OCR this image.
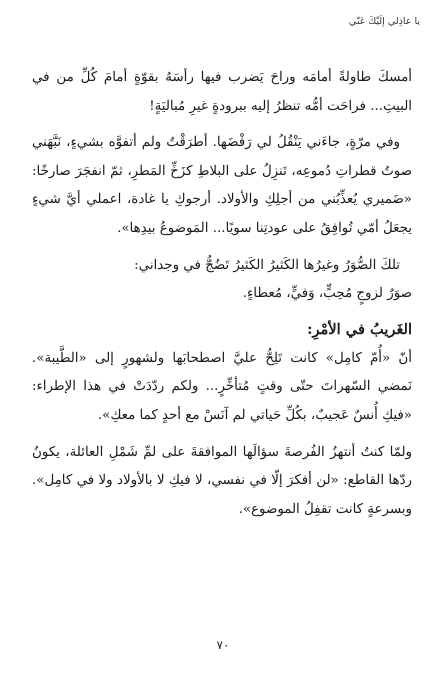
يا عاذِلي إلَيْكَ عَنّي

أمسكَ طاولةً أمامَه وراحَ يَضرب فيها رأسَهُ بقوّةٍ أمامَ كُلِّ من في البيتِ... فراحَت أمُّه تنظرُ إليه ببرودةٍ غيرِ مُباليَةٍ!

وفي مرّةٍ، جاءَني يَنْقُلُ لي رَفْضَها. أطرَقْتُ ولم أتفوَّه بشيءٍ، نَبَّهَني صوتُ قطراتِ دُموعِه، تَنزِلُ على البلاطِ كزَخِّ المَطرِ، ثمّ انفجَرَ صارخًا: «ضَميري يُعذِّبُني من أجلِكِ والأولاد. أرجوكِ يا غادة، اعملي أيَّ شيءٍ يجعَلُ أمّي تُوافِقُ على عودتِنا سويًا... المَوضوعُ بيدِها».

تلكَ الصُّوَرُ وغيرُها الكَثيرُ الكَثيرُ تَضُجُّ في وجداني:

صوَرٌ لزوجٍ مُحِبٍّ، وَفيٍّ، مُعطاءٍ.

الغَريبُ في الأمْرِ:

أنّ «أُمّ كامِل» كانت تَلِحُّ عليَّ اصطحابَها ولشهورٍ إلى «الطَّيبة». نَمضي السّهراتَ حتّى وقتٍ مُتأخِّرٍ... ولكم ردّدَتْ في هذا الإطراء: «فيكِ أُنسٌ عَجيبٌ، بكُلِّ حَياتي لم آنَسْ مع أحدٍ كما معكِ».

ولمّا كنتُ أنتهزُ الفُرصةَ سؤالَها الموافقةَ على لمِّ شَمْلِ العائلة، يكونُ ردّها القاطع: «لن أفكرَ إلّا في نفسي، لا فيكِ لا بالأولاد ولا في كامِل». وبسرعةٍ كانت تقفِلُ الموضوع».

٧٠
